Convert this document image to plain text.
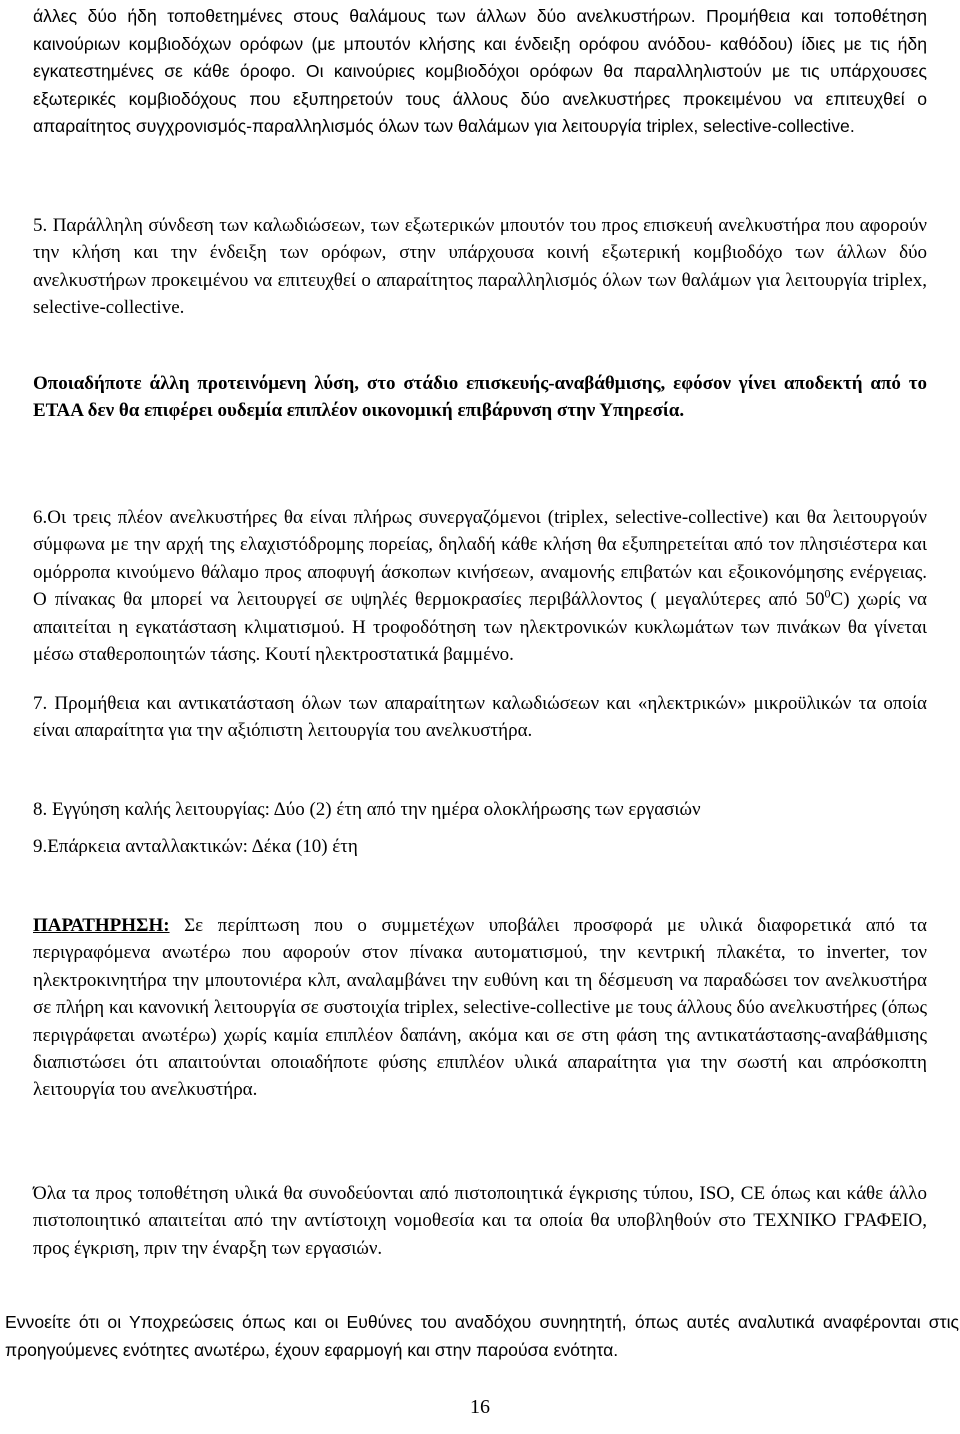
άλλες δύο ήδη τοποθετημένες στους θαλάμους των άλλων δύο ανελκυστήρων. Προμήθεια και τοποθέτηση καινούριων κομβιοδόχων ορόφων (με μπουτόν κλήσης και ένδειξη ορόφου ανόδου- καθόδου) ίδιες με τις ήδη εγκατεστημένες σε κάθε όροφο. Οι καινούριες κομβιοδόχοι ορόφων θα παραλληλιστούν με τις υπάρχουσες εξωτερικές κομβιοδόχους που εξυπηρετούν τους άλλους δύο ανελκυστήρες προκειμένου να επιτευχθεί ο απαραίτητος συγχρονισμός-παραλληλισμός όλων των θαλάμων για λειτουργία triplex, selective-collective.

5. Παράλληλη σύνδεση των καλωδιώσεων, των εξωτερικών μπουτόν του προς επισκευή ανελκυστήρα που αφορούν την κλήση και την ένδειξη των ορόφων, στην υπάρχουσα κοινή εξωτερική κομβιοδόχο των άλλων δύο ανελκυστήρων προκειμένου να επιτευχθεί ο απαραίτητος παραλληλισμός όλων των θαλάμων για λειτουργία triplex, selective-collective.

Οποιαδήποτε άλλη προτεινόμενη λύση, στο στάδιο επισκευής-αναβάθμισης, εφόσον γίνει αποδεκτή από το ΕΤΑΑ δεν θα επιφέρει ουδεμία επιπλέον οικονομική επιβάρυνση στην Υπηρεσία.

6.Οι τρεις πλέον ανελκυστήρες θα είναι πλήρως συνεργαζόμενοι (triplex, selective-collective) και θα λειτουργούν σύμφωνα με την αρχή της ελαχιστόδρομης πορείας, δηλαδή κάθε κλήση θα εξυπηρετείται από τον πλησιέστερα και ομόρροπα κινούμενο θάλαμο προς αποφυγή άσκοπων κινήσεων, αναμονής επιβατών και εξοικονόμησης ενέργειας. Ο πίνακας θα μπορεί να λειτουργεί σε υψηλές θερμοκρασίες περιβάλλοντος ( μεγαλύτερες από $50^0C$) χωρίς να απαιτείται η εγκατάσταση κλιματισμού. Η τροφοδότηση των ηλεκτρονικών κυκλωμάτων των πινάκων θα γίνεται μέσω σταθεροποιητών τάσης. Κουτί ηλεκτροστατικά βαμμένο.

7. Προμήθεια και αντικατάσταση όλων των απαραίτητων καλωδιώσεων και «ηλεκτρικών» μικροϋλικών τα οποία είναι απαραίτητα για την αξιόπιστη λειτουργία του ανελκυστήρα.

8. Εγγύηση καλής λειτουργίας: Δύο (2) έτη από την ημέρα ολοκλήρωσης των εργασιών

9.Επάρκεια ανταλλακτικών: Δέκα (10) έτη

ΠΑΡΑΤΗΡΗΣΗ: Σε περίπτωση που ο συμμετέχων υποβάλει προσφορά με υλικά διαφορετικά από τα περιγραφόμενα ανωτέρω που αφορούν στον πίνακα αυτοματισμού, την κεντρική πλακέτα, το inverter, τον ηλεκτροκινητήρα την μπουτονιέρα κλπ, αναλαμβάνει την ευθύνη και τη δέσμευση να παραδώσει τον ανελκυστήρα σε πλήρη και κανονική λειτουργία σε συστοιχία triplex, selective-collective με τους άλλους δύο ανελκυστήρες (όπως περιγράφεται ανωτέρω) χωρίς καμία επιπλέον δαπάνη, ακόμα και σε στη φάση της αντικατάστασης-αναβάθμισης διαπιστώσει ότι απαιτούνται οποιαδήποτε φύσης επιπλέον υλικά απαραίτητα για την σωστή και απρόσκοπτη λειτουργία του ανελκυστήρα.

Όλα τα προς τοποθέτηση υλικά θα συνοδεύονται από πιστοποιητικά έγκρισης τύπου, ISO, CE όπως και κάθε άλλο πιστοποιητικό απαιτείται από την αντίστοιχη νομοθεσία και τα οποία θα υποβληθούν στο ΤΕΧΝΙΚΟ ΓΡΑΦΕΙΟ, προς έγκριση, πριν την έναρξη των εργασιών.

Εννοείτε ότι οι Υποχρεώσεις όπως και οι Ευθύνες του αναδόχου συνηητητή, όπως αυτές αναλυτικά αναφέρονται στις προηγούμενες ενότητες ανωτέρω, έχουν εφαρμογή και στην παρούσα ενότητα.

16
